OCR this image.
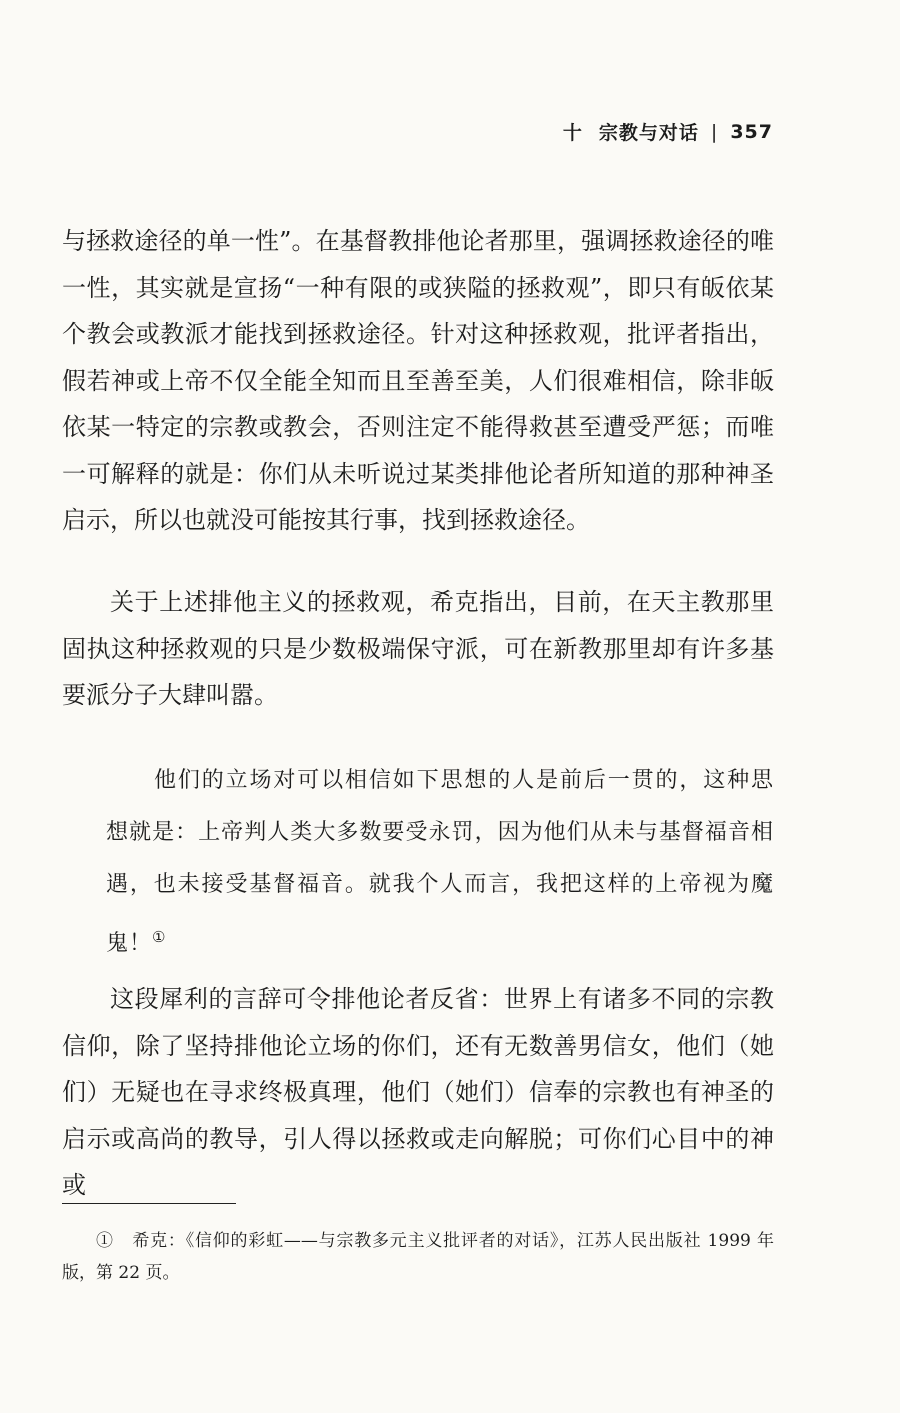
十 宗教与对话 | 357

与拯救途径的单一性”。在基督教排他论者那里，强调拯救途径的唯一性，其实就是宣扬“一种有限的或狭隘的拯救观”，即只有皈依某个教会或教派才能找到拯救途径。针对这种拯救观，批评者指出，假若神或上帝不仅全能全知而且至善至美，人们很难相信，除非皈依某一特定的宗教或教会，否则注定不能得救甚至遭受严惩；而唯一可解释的就是：你们从未听说过某类排他论者所知道的那种神圣启示，所以也就没可能按其行事，找到拯救途径。

关于上述排他主义的拯救观，希克指出，目前，在天主教那里固执这种拯救观的只是少数极端保守派，可在新教那里却有许多基要派分子大肆叫嚣。

他们的立场对可以相信如下思想的人是前后一贯的，这种思想就是：上帝判人类大多数要受永罚，因为他们从未与基督福音相遇，也未接受基督福音。就我个人而言，我把这样的上帝视为魔鬼！①

这段犀利的言辞可令排他论者反省：世界上有诸多不同的宗教信仰，除了坚持排他论立场的你们，还有无数善男信女，他们（她们）无疑也在寻求终极真理，他们（她们）信奉的宗教也有神圣的启示或高尚的教导，引人得以拯救或走向解脱；可你们心目中的神或

① 希克：《信仰的彩虹——与宗教多元主义批评者的对话》，江苏人民出版社 1999 年版，第 22 页。
